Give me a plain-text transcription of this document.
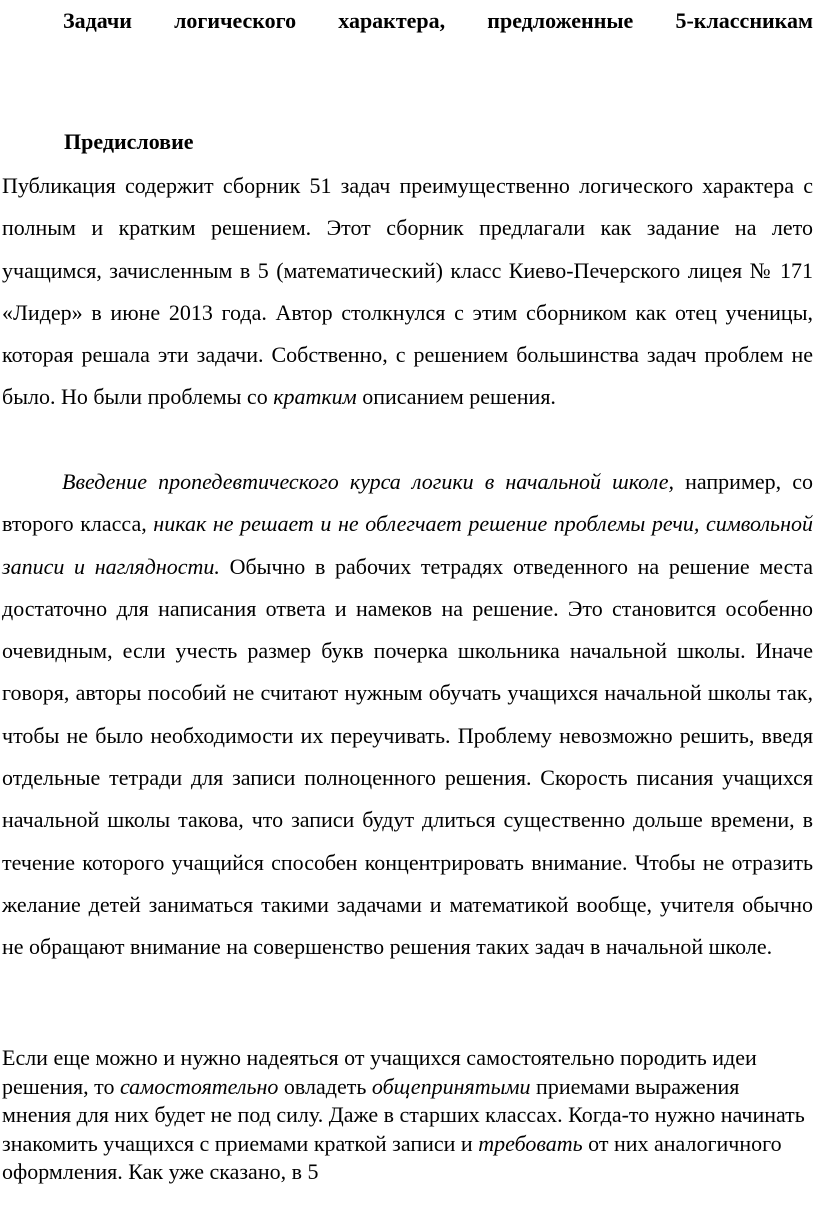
Задачи логического характера, предложенные 5-классникам
Предисловие

Публикация содержит сборник 51 задач преимущественно логического характера с полным и кратким решением. Этот сборник предлагали как задание на лето учащимся, зачисленным в 5 (математический) класс Киево-Печерского лицея № 171 «Лидер» в июне 2013 года. Автор столкнулся с этим сборником как отец ученицы, которая решала эти задачи. Собственно, с решением большинства задач проблем не было. Но были проблемы со кратким описанием решения.

Введение пропедевтического курса логики в начальной школе, например, со второго класса, никак не решает и не облегчает решение проблемы речи, символьной записи и наглядности. Обычно в рабочих тетрадях отведенного на решение места достаточно для написания ответа и намеков на решение. Это становится особенно очевидным, если учесть размер букв почерка школьника начальной школы. Иначе говоря, авторы пособий не считают нужным обучать учащихся начальной школы так, чтобы не было необходимости их переучивать. Проблему невозможно решить, введя отдельные тетради для записи полноценного решения. Скорость писания учащихся начальной школы такова, что записи будут длиться существенно дольше времени, в течение которого учащийся способен концентрировать внимание. Чтобы не отразить желание детей заниматься такими задачами и математикой вообще, учителя обычно не обращают внимание на совершенство решения таких задач в начальной школе.

Если еще можно и нужно надеяться от учащихся самостоятельно породить идеи решения, то самостоятельно овладеть общепринятыми приемами выражения мнения для них будет не под силу. Даже в старших классах. Когда-то нужно начинать знакомить учащихся с приемами краткой записи и требовать от них аналогичного оформления. Как уже сказано, в 5
